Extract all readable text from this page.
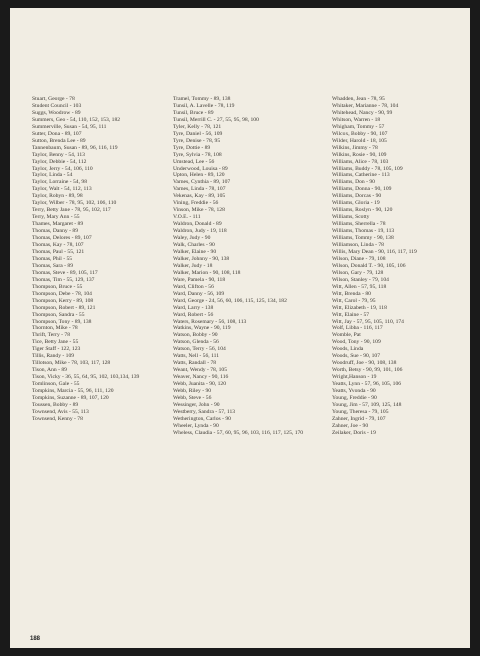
Stuart, George - 78
Student Council - 103
Suggs, Woodrow - 89
Summers, Geo - 54, 110, 152, 153, 182
Summerville, Susan - 54, 95, 111
Sutter, Dona - 89, 107
Sutton, Brenda Lee - 89
Tannenbaum, Susan - 89, 96, 116, 119
Taylor, Benny - 54, 113
Taylor, Debbie - 54, 112
Taylor, Jerry - 54, 106, 110
Taylor, Linda - 54
Taylor, Lorraine - 54, 98
Taylor, Walt - 54, 112, 113
Taylor, Robyn - 89, 98
Taylor, Wilber - 78, 95, 102, 106, 110
Terry, Betty Jane - 78, 95, 102, 117
Terry, Mary Ann - 55
Thames, Margaret - 89
Thomas, Danny - 89
Thomas, Delores - 89, 107
Thomas, Kay - 78, 107
Thomas, Paul - 55, 121
Thomas, Phil - 55
Thomas, Sara - 89
Thomas, Steve - 89, 105, 117
Thomas, Tim - 55, 129, 137
Thompson, Bruce - 55
Thompson, Debe - 78, 104
Thompson, Kerry - 89, 108
Thompson, Robert - 89, 121
Thompson, Sandra - 55
Thompson, Tony - 89, 138
Thornton, Mike - 78
Thrift, Terry - 78
Tice, Betty Jane - 55
Tiger Staff - 122, 123
Tillis, Randy - 109
Tillotson, Mike - 78, 103, 117, 128
Tison, Ann - 89
Tison, Vicky - 36, 55, 64, 95, 102, 103,134, 139
Tomlinson, Gale - 55
Tompkins, Marcia - 55, 96, 111, 120
Tompkins, Suzanne - 89, 107, 120
Toussen, Bobby - 89
Townsend, Avis - 55, 113
Townsend, Kenny - 78
Tramel, Tommy - 89, 138
Tunsil, A. Lavelle - 78, 119
Tunsil, Bruce - 89
Tunsil, Merrill C. - 27, 55, 95, 98, 100
Tyler, Kelly - 78, 121
Tyre, Daniel - 56, 109
Tyre, Denise - 78, 95
Tyre, Dottie - 89
Tyre, Sylvia - 78, 108
Umstead, Lee - 56
Underwood, Louisa - 89
Upton, Helen - 89, 120
Varnes, Cynthia - 89, 107
Varnes, Linda - 78, 107
Vekenas, Kay - 89, 105
Vining, Freddie - 56
Vinson, Mike - 78, 128
V.O.E. - 111
Waldron, Donald - 89
Waldron, Judy - 19, 118
Waley, Judy - 90
Walk, Charles - 90
Walker, Elaine - 90
Walker, Johnny - 90, 138
Walker, Judy - 18
Walker, Marion - 90, 108, 118
Ware, Pamela - 90, 118
Ward, Clifton - 56
Ward, Danny - 56, 109
Ward, George - 24, 56, 60, 106, 115, 125, 134, 182
Ward, Larry - 138
Ward, Robert - 56
Waters, Rosemary - 56, 108, 113
Watkins, Wayne - 90, 119
Watson, Bobby - 90
Watson, Glenda - 56
Watson, Terry - 56, 104
Watts, Nell - 56, 111
Watts, Randall - 78
Weant, Wendy - 78, 105
Weaver, Nancy - 90, 116
Webb, Juanita - 90, 120
Webb, Riley - 90
Webb, Steve - 56
Wessinger, John - 90
Westberry, Sandra - 57, 113
Wetherington, Carlos - 90
Wheeler, Lynda - 90
Wheless, Claudia - 57, 60, 95, 96, 103, 116, 117, 125, 170
Whadden, Jean - 78, 95
Whitaker, Marianne - 78, 104
Whitehead, Nancy - 90, 99
Whitson, Warren - 18
Whigham, Tommy - 57
Wilcox, Bobby - 90, 107
Wilder, Harold - 18, 105
Wilkins, Jimmy - 78
Wilkins, Rosie - 90, 109
Williams, Alice - 78, 103
Williams, Buddy - 78, 105, 109
Williams, Catherine - 113
Williams, Don - 90
Williams, Donna - 90, 109
Williams, Dorcas - 90
Williams, Gloria - 19
Williams, Roslyn - 90, 120
Williams, Scotty
Williams, Sherrella - 78
Williams, Thomas - 19, 113
Williams, Tommy - 90, 138
Williamson, Linda - 78
Willis, Mary Dean - 90, 116, 117, 119
Wilson, Diane - 79, 108
Wilson, Donald T. - 90, 105, 106
Wilson, Gary - 79, 128
Wilson, Stanley - 79, 104
Witt, Allen - 57, 95, 118
Witt, Brenda - 80
Witt, Carol - 79, 95
Witt, Elizabeth - 19, 118
Witt, Elaine - 57
Witt, Jay - 57, 95, 105, 110, 174
Wolf, Libba - 116, 117
Womble, Pat
Wood, Tony - 90, 109
Woods, Linda
Woods, Sue - 90, 107
Woodruff, Joe - 90, 108, 138
Worth, Betsy - 90, 99, 101, 106
Wright,Hanson - 19
Yeatts, Lynn - 57, 96, 105, 106
Yeatts, Yvonda - 90
Young, Freddie - 90
Young, Jim - 57, 109, 125, 148
Young, Theresa - 79, 105
Zahner, Ingrid - 79, 107
Zahner, Joe - 90
Zeilaker, Doris - 19
188
